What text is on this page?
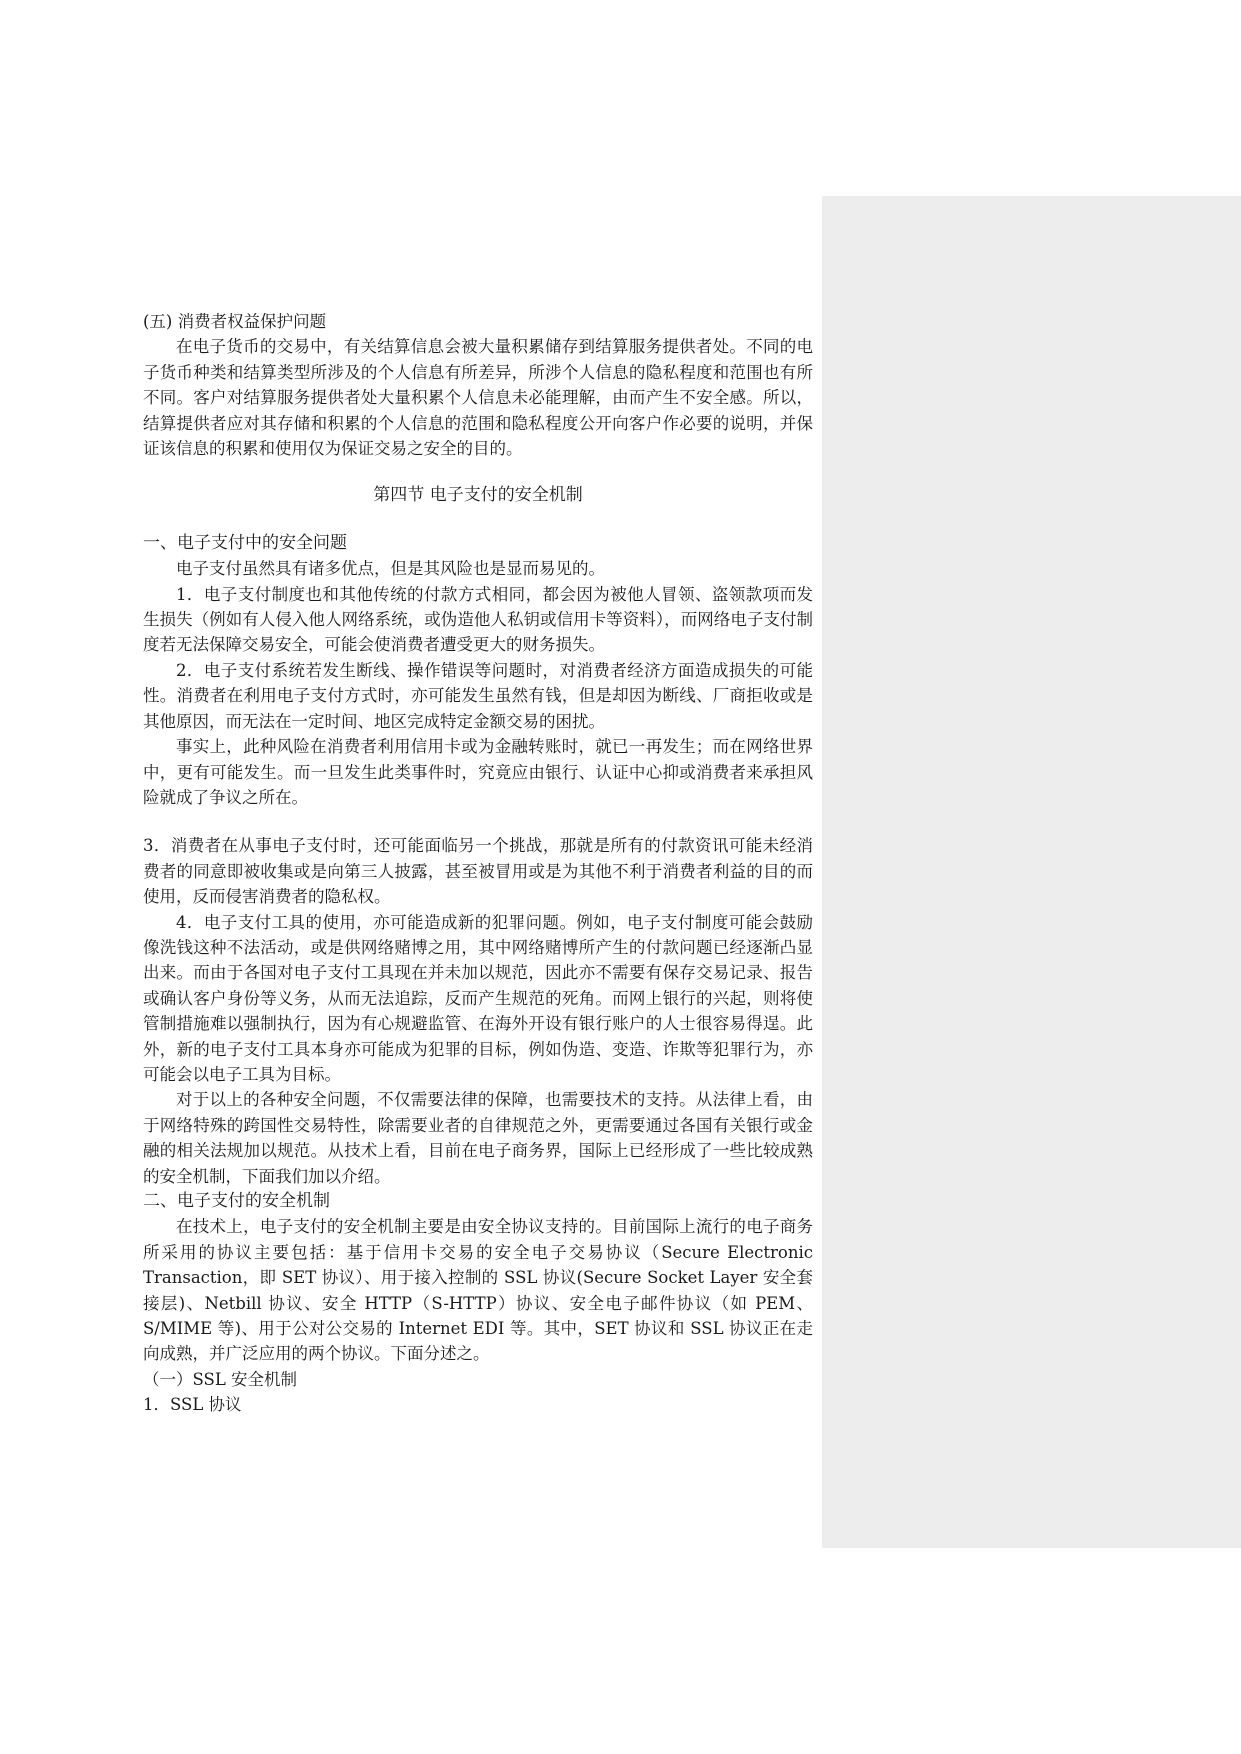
(五) 消费者权益保护问题

在电子货币的交易中，有关结算信息会被大量积累储存到结算服务提供者处。不同的电子货币种类和结算类型所涉及的个人信息有所差异，所涉个人信息的隐私程度和范围也有所不同。客户对结算服务提供者处大量积累个人信息未必能理解，由而产生不安全感。所以，结算提供者应对其存储和积累的个人信息的范围和隐私程度公开向客户作必要的说明，并保证该信息的积累和使用仅为保证交易之安全的目的。

第四节 电子支付的安全机制

一、电子支付中的安全问题

电子支付虽然具有诸多优点，但是其风险也是显而易见的。

1．电子支付制度也和其他传统的付款方式相同，都会因为被他人冒领、盗领款项而发生损失（例如有人侵入他人网络系统，或伪造他人私钥或信用卡等资料），而网络电子支付制度若无法保障交易安全，可能会使消费者遭受更大的财务损失。

2．电子支付系统若发生断线、操作错误等问题时，对消费者经济方面造成损失的可能性。消费者在利用电子支付方式时，亦可能发生虽然有钱，但是却因为断线、厂商拒收或是其他原因，而无法在一定时间、地区完成特定金额交易的困扰。

事实上，此种风险在消费者利用信用卡或为金融转账时，就已一再发生；而在网络世界中，更有可能发生。而一旦发生此类事件时，究竟应由银行、认证中心抑或消费者来承担风险就成了争议之所在。

3．消费者在从事电子支付时，还可能面临另一个挑战，那就是所有的付款资讯可能未经消费者的同意即被收集或是向第三人披露，甚至被冒用或是为其他不利于消费者利益的目的而使用，反而侵害消费者的隐私权。

4．电子支付工具的使用，亦可能造成新的犯罪问题。例如，电子支付制度可能会鼓励像洗钱这种不法活动，或是供网络赌博之用，其中网络赌博所产生的付款问题已经逐渐凸显出来。而由于各国对电子支付工具现在并未加以规范，因此亦不需要有保存交易记录、报告或确认客户身份等义务，从而无法追踪，反而产生规范的死角。而网上银行的兴起，则将使管制措施难以强制执行，因为有心规避监管、在海外开设有银行账户的人士很容易得逞。此外，新的电子支付工具本身亦可能成为犯罪的目标，例如伪造、变造、诈欺等犯罪行为，亦可能会以电子工具为目标。

对于以上的各种安全问题，不仅需要法律的保障，也需要技术的支持。从法律上看，由于网络特殊的跨国性交易特性，除需要业者的自律规范之外，更需要通过各国有关银行或金融的相关法规加以规范。从技术上看，目前在电子商务界，国际上已经形成了一些比较成熟的安全机制，下面我们加以介绍。

二、电子支付的安全机制

在技术上，电子支付的安全机制主要是由安全协议支持的。目前国际上流行的电子商务所采用的协议主要包括：基于信用卡交易的安全电子交易协议（Secure Electronic Transaction，即 SET 协议）、用于接入控制的 SSL 协议(Secure Socket Layer 安全套接层)、Netbill 协议、安全 HTTP（S-HTTP）协议、安全电子邮件协议（如 PEM、S/MIME 等)、用于公对公交易的 Internet EDI 等。其中，SET 协议和 SSL 协议正在走向成熟，并广泛应用的两个协议。下面分述之。

（一）SSL 安全机制

1．SSL 协议
